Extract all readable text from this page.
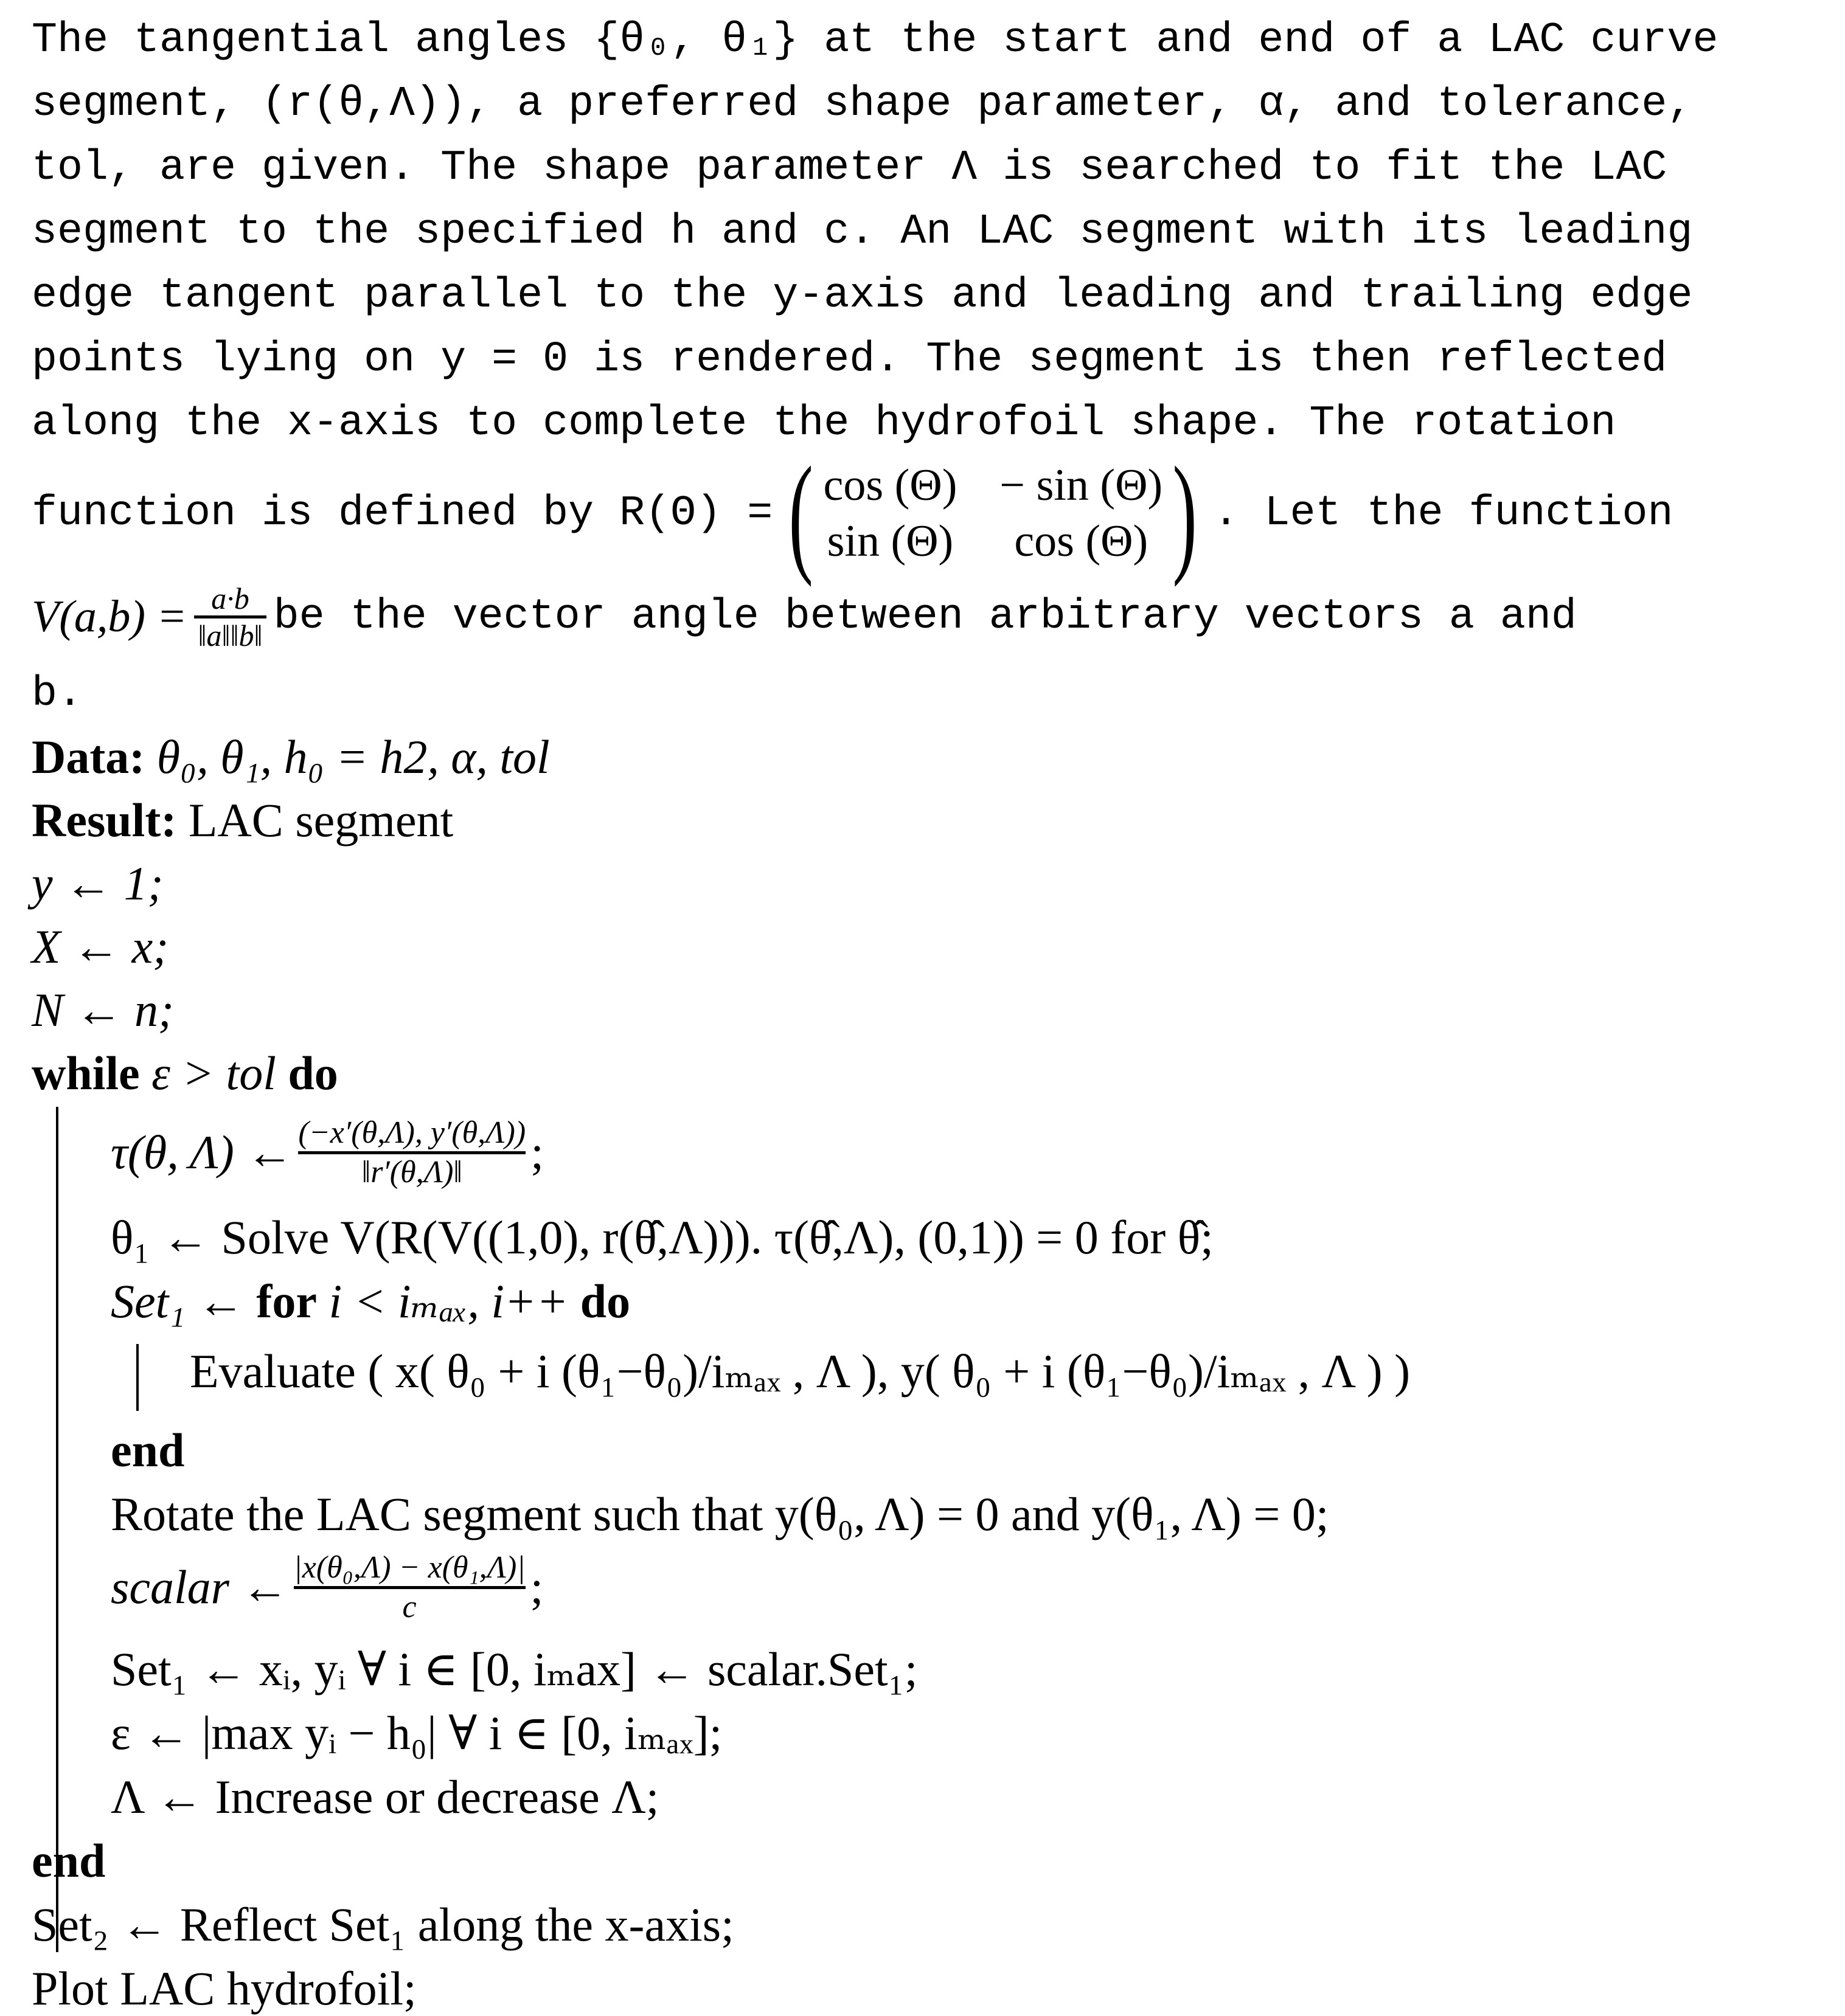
The tangential angles {θ₀, θ₁} at the start and end of a LAC curve
segment, (r(θ,Λ)), a preferred shape parameter, α, and tolerance,
tol, are given. The shape parameter Λ is searched to fit the LAC
segment to the specified h and c. An LAC segment with its leading
edge tangent parallel to the y-axis and leading and trailing edge
points lying on y = 0 is rendered. The segment is then reflected
along the x-axis to complete the hydrofoil shape. The rotation
function is defined by R(Θ) = ( cos (Θ) − sin (Θ)
sin (Θ)	cos (Θ) ) . Let the function
V(a,b) = a·b
‖a‖‖b‖ be the vector angle between arbitrary vectors a and
b.
Data: θ₀, θ₁, h₀ = h2, α, tol
Result: LAC segment
y ← 1;
X ← x;
N ← n;
while ε > tol do
τ(θ, Λ) ← (−x′(θ,Λ), y′(θ,Λ))
‖r′(θ,Λ)‖ ;
θ₁ ← Solve V(R(V((1,0), r(θ̂,Λ))). τ(θ̂,Λ), (0,1)) = 0 for θ̂;
Set₁ ← for i < iₘₐₓ, i++ do
Evaluate ( x( θ₀ + i (θ₁−θ₀)/iₘₐₓ , Λ ), y( θ₀ + i (θ₁−θ₀)/iₘₐₓ , Λ ) )
end
Rotate the LAC segment such that y(θ₀, Λ) = 0 and y(θ₁, Λ) = 0;
scalar ← |x(θ₀,Λ) − x(θ₁,Λ)|
c ;
Set₁ ← xᵢ, yᵢ ∀ i ∈ [0, iₘax] ← scalar.Set₁;
ε ← |max yᵢ − h₀| ∀ i ∈ [0, iₘₐₓ];
Λ ← Increase or decrease Λ;
end
Set₂ ← Reflect Set₁ along the x-axis;
Plot LAC hydrofoil;
